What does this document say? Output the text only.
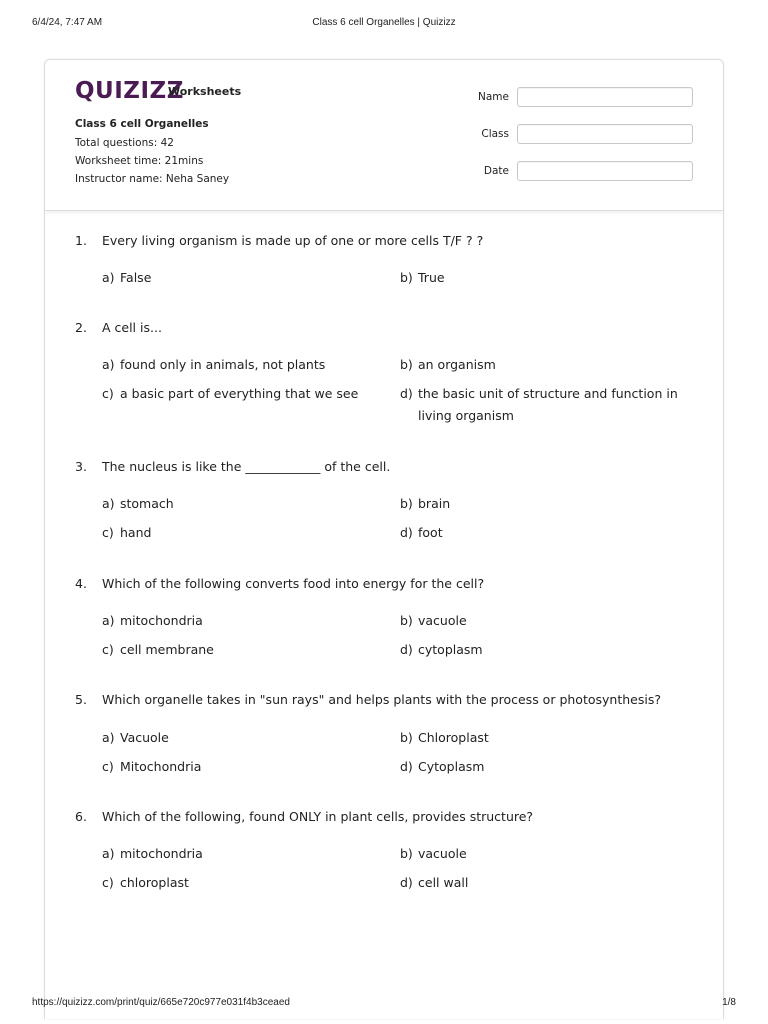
6/4/24, 7:47 AM	Class 6 cell Organelles | Quizizz
QUIZIZZ
Worksheets
Class 6 cell Organelles
Total questions: 42
Worksheet time: 21mins
Instructor name: Neha Saney
Name
Class
Date
1. Every living organism is made up of one or more cells T/F ? ?
a) False	b) True
2. A cell is...
a) found only in animals, not plants	b) an organism
c) a basic part of everything that we see	d) the basic unit of structure and function in living organism
3. The nucleus is like the ____________ of the cell.
a) stomach	b) brain
c) hand	d) foot
4. Which of the following converts food into energy for the cell?
a) mitochondria	b) vacuole
c) cell membrane	d) cytoplasm
5. Which organelle takes in "sun rays" and helps plants with the process or photosynthesis?
a) Vacuole	b) Chloroplast
c) Mitochondria	d) Cytoplasm
6. Which of the following, found ONLY in plant cells, provides structure?
a) mitochondria	b) vacuole
c) chloroplast	d) cell wall
https://quizizz.com/print/quiz/665e720c977e031f4b3ceaed	1/8
